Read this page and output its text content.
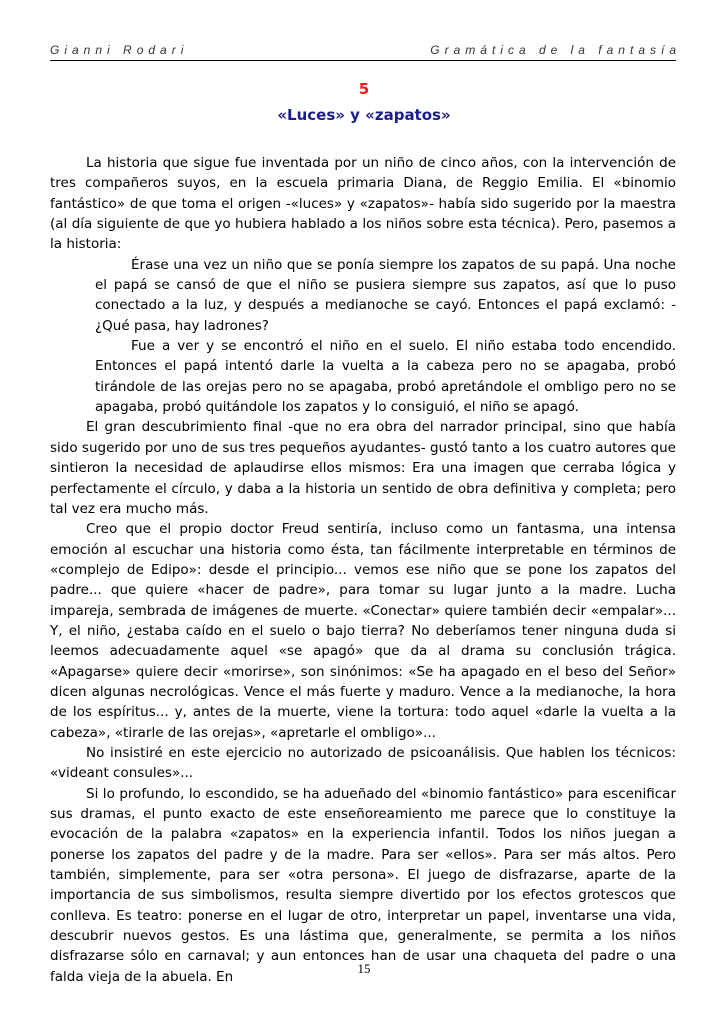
Gianni Rodari	Gramática de la fantasía
5
«Luces» y «zapatos»

La historia que sigue fue inventada por un niño de cinco años, con la intervención de tres compañeros suyos, en la escuela primaria Diana, de Reggio Emilia. El «binomio fantástico» de que toma el origen -«luces» y «zapatos»- había sido sugerido por la maestra (al día siguiente de que yo hubiera hablado a los niños sobre esta técnica). Pero, pasemos a la historia:

Érase una vez un niño que se ponía siempre los zapatos de su papá. Una noche el papá se cansó de que el niño se pusiera siempre sus zapatos, así que lo puso conectado a la luz, y después a medianoche se cayó. Entonces el papá exclamó: -¿Qué pasa, hay ladrones?

Fue a ver y se encontró el niño en el suelo. El niño estaba todo encendido. Entonces el papá intentó darle la vuelta a la cabeza pero no se apagaba, probó tirándole de las orejas pero no se apagaba, probó apretándole el ombligo pero no se apagaba, probó quitándole los zapatos y lo consiguió, el niño se apagó.

El gran descubrimiento final -que no era obra del narrador principal, sino que había sido sugerido por uno de sus tres pequeños ayudantes- gustó tanto a los cuatro autores que sintieron la necesidad de aplaudirse ellos mismos: Era una imagen que cerraba lógica y perfectamente el círculo, y daba a la historia un sentido de obra definitiva y completa; pero tal vez era mucho más.

Creo que el propio doctor Freud sentiría, incluso como un fantasma, una intensa emoción al escuchar una historia como ésta, tan fácilmente interpretable en términos de «complejo de Edipo»: desde el principio... vemos ese niño que se pone los zapatos del padre... que quiere «hacer de padre», para tomar su lugar junto a la madre. Lucha impareja, sembrada de imágenes de muerte. «Conectar» quiere también decir «empalar»... Y, el niño, ¿estaba caído en el suelo o bajo tierra? No deberíamos tener ninguna duda si leemos adecuadamente aquel «se apagó» que da al drama su conclusión trágica. «Apagarse» quiere decir «morirse», son sinónimos: «Se ha apagado en el beso del Señor» dicen algunas necrológicas. Vence el más fuerte y maduro. Vence a la medianoche, la hora de los espíritus... y, antes de la muerte, viene la tortura: todo aquel «darle la vuelta a la cabeza», «tirarle de las orejas», «apretarle el ombligo»...

No insistiré en este ejercicio no autorizado de psicoanálisis. Que hablen los técnicos: «videant consules»...

Si lo profundo, lo escondido, se ha adueñado del «binomio fantástico» para escenificar sus dramas, el punto exacto de este enseñoreamiento me parece que lo constituye la evocación de la palabra «zapatos» en la experiencia infantil. Todos los niños juegan a ponerse los zapatos del padre y de la madre. Para ser «ellos». Para ser más altos. Pero también, simplemente, para ser «otra persona». El juego de disfrazarse, aparte de la importancia de sus simbolismos, resulta siempre divertido por los efectos grotescos que conlleva. Es teatro: ponerse en el lugar de otro, interpretar un papel, inventarse una vida, descubrir nuevos gestos. Es una lástima que, generalmente, se permita a los niños disfrazarse sólo en carnaval; y aun entonces han de usar una chaqueta del padre o una falda vieja de la abuela. En

15
